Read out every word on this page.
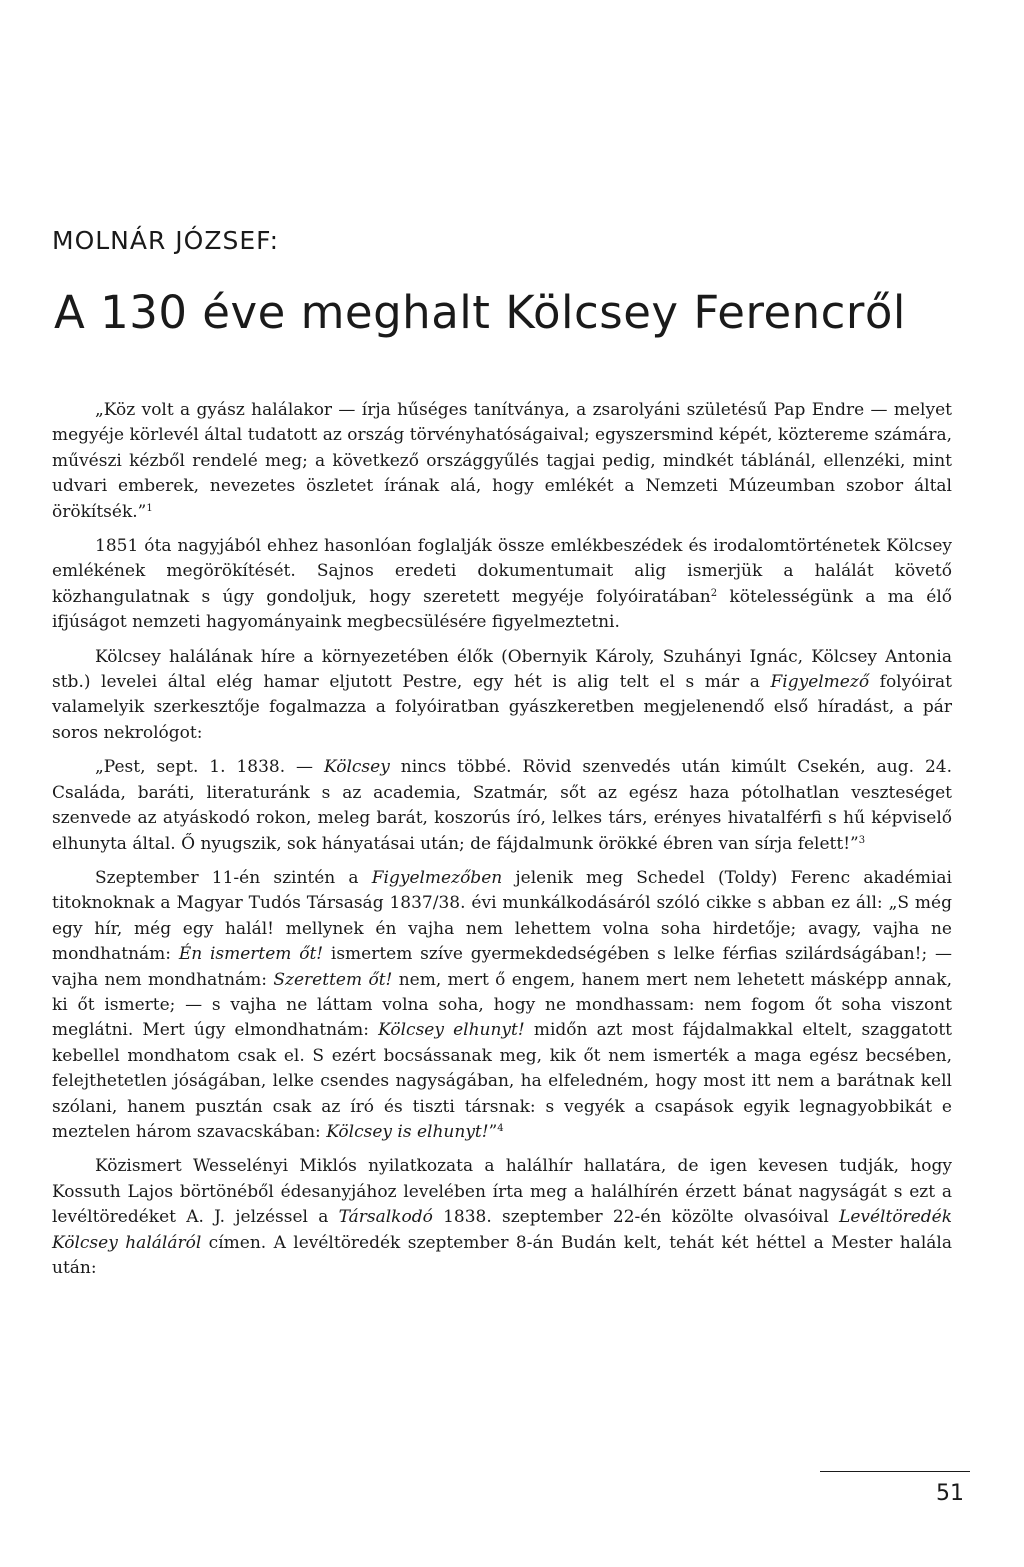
MOLNÁR JÓZSEF:
A 130 éve meghalt Kölcsey Ferencről

„Köz volt a gyász halálakor — írja hűséges tanítványa, a zsarolyáni születésű Pap Endre — melyet megyéje körlevél által tudatott az ország törvényhatóságaival; egyszersmind képét, köztereme számára, művészi kézből rendelé meg; a következő országgyűlés tagjai pedig, mindkét táblánál, ellenzéki, mint udvari emberek, nevezetes öszletet írának alá, hogy emlékét a Nemzeti Múzeumban szobor által örökítsék.”$^1$

1851 óta nagyjából ehhez hasonlóan foglalják össze emlékbeszédek és irodalomtörténetek Kölcsey emlékének megörökítését. Sajnos eredeti dokumentumait alig ismerjük a halálát követő közhangulatnak s úgy gondoljuk, hogy szeretett megyéje folyóiratában$^2$ kötelességünk a ma élő ifjúságot nemzeti hagyományaink megbecsülésére figyelmeztetni.

Kölcsey halálának híre a környezetében élők (Obernyik Károly, Szuhányi Ignác, Kölcsey Antonia stb.) levelei által elég hamar eljutott Pestre, egy hét is alig telt el s már a Figyelmező folyóirat valamelyik szerkesztője fogalmazza a folyóiratban gyászkeretben megjelenendő első híradást, a pár soros nekrológot:

„Pest, sept. 1. 1838. — Kölcsey nincs többé. Rövid szenvedés után kimúlt Csekén, aug. 24. Családa, baráti, literaturánk s az academia, Szatmár, sőt az egész haza pótolhatlan veszteséget szenvede az atyáskodó rokon, meleg barát, koszorús író, lelkes társ, erényes hivatalférfi s hű képviselő elhunyta által. Ő nyugszik, sok hányatásai után; de fájdalmunk örökké ébren van sírja felett!”$^3$

Szeptember 11-én szintén a Figyelmezőben jelenik meg Schedel (Toldy) Ferenc akadémiai titoknoknak a Magyar Tudós Társaság 1837/38. évi munkálkodásáról szóló cikke s abban ez áll: „S még egy hír, még egy halál! mellynek én vajha nem lehettem volna soha hirdetője; avagy, vajha ne mondhatnám: Én ismertem őt! ismertem szíve gyermekdedségében s lelke férfias szilárdságában!; — vajha nem mondhatnám: Szerettem őt! nem, mert ő engem, hanem mert nem lehetett másképp annak, ki őt ismerte; — s vajha ne láttam volna soha, hogy ne mondhassam: nem fogom őt soha viszont meglátni. Mert úgy elmondhatnám: Kölcsey elhunyt! midőn azt most fájdalmakkal eltelt, szaggatott kebellel mondhatom csak el. S ezért bocsássanak meg, kik őt nem ismerték a maga egész becsében, felejthetetlen jóságában, lelke csendes nagyságában, ha elfeledném, hogy most itt nem a barátnak kell szólani, hanem pusztán csak az író és tiszti társnak: s vegyék a csapások egyik legnagyobbikát e meztelen három szavacskában: Kölcsey is elhunyt!”$^4$

Közismert Wesselényi Miklós nyilatkozata a halálhír hallatára, de igen kevesen tudják, hogy Kossuth Lajos börtönéből édesanyjához levelében írta meg a halálhírén érzett bánat nagyságát s ezt a levéltöredéket A. J. jelzéssel a Társalkodó 1838. szeptember 22-én közölte olvasóival Levéltöredék Kölcsey haláláról címen. A levéltöredék szeptember 8-án Budán kelt, tehát két héttel a Mester halála után:

51
